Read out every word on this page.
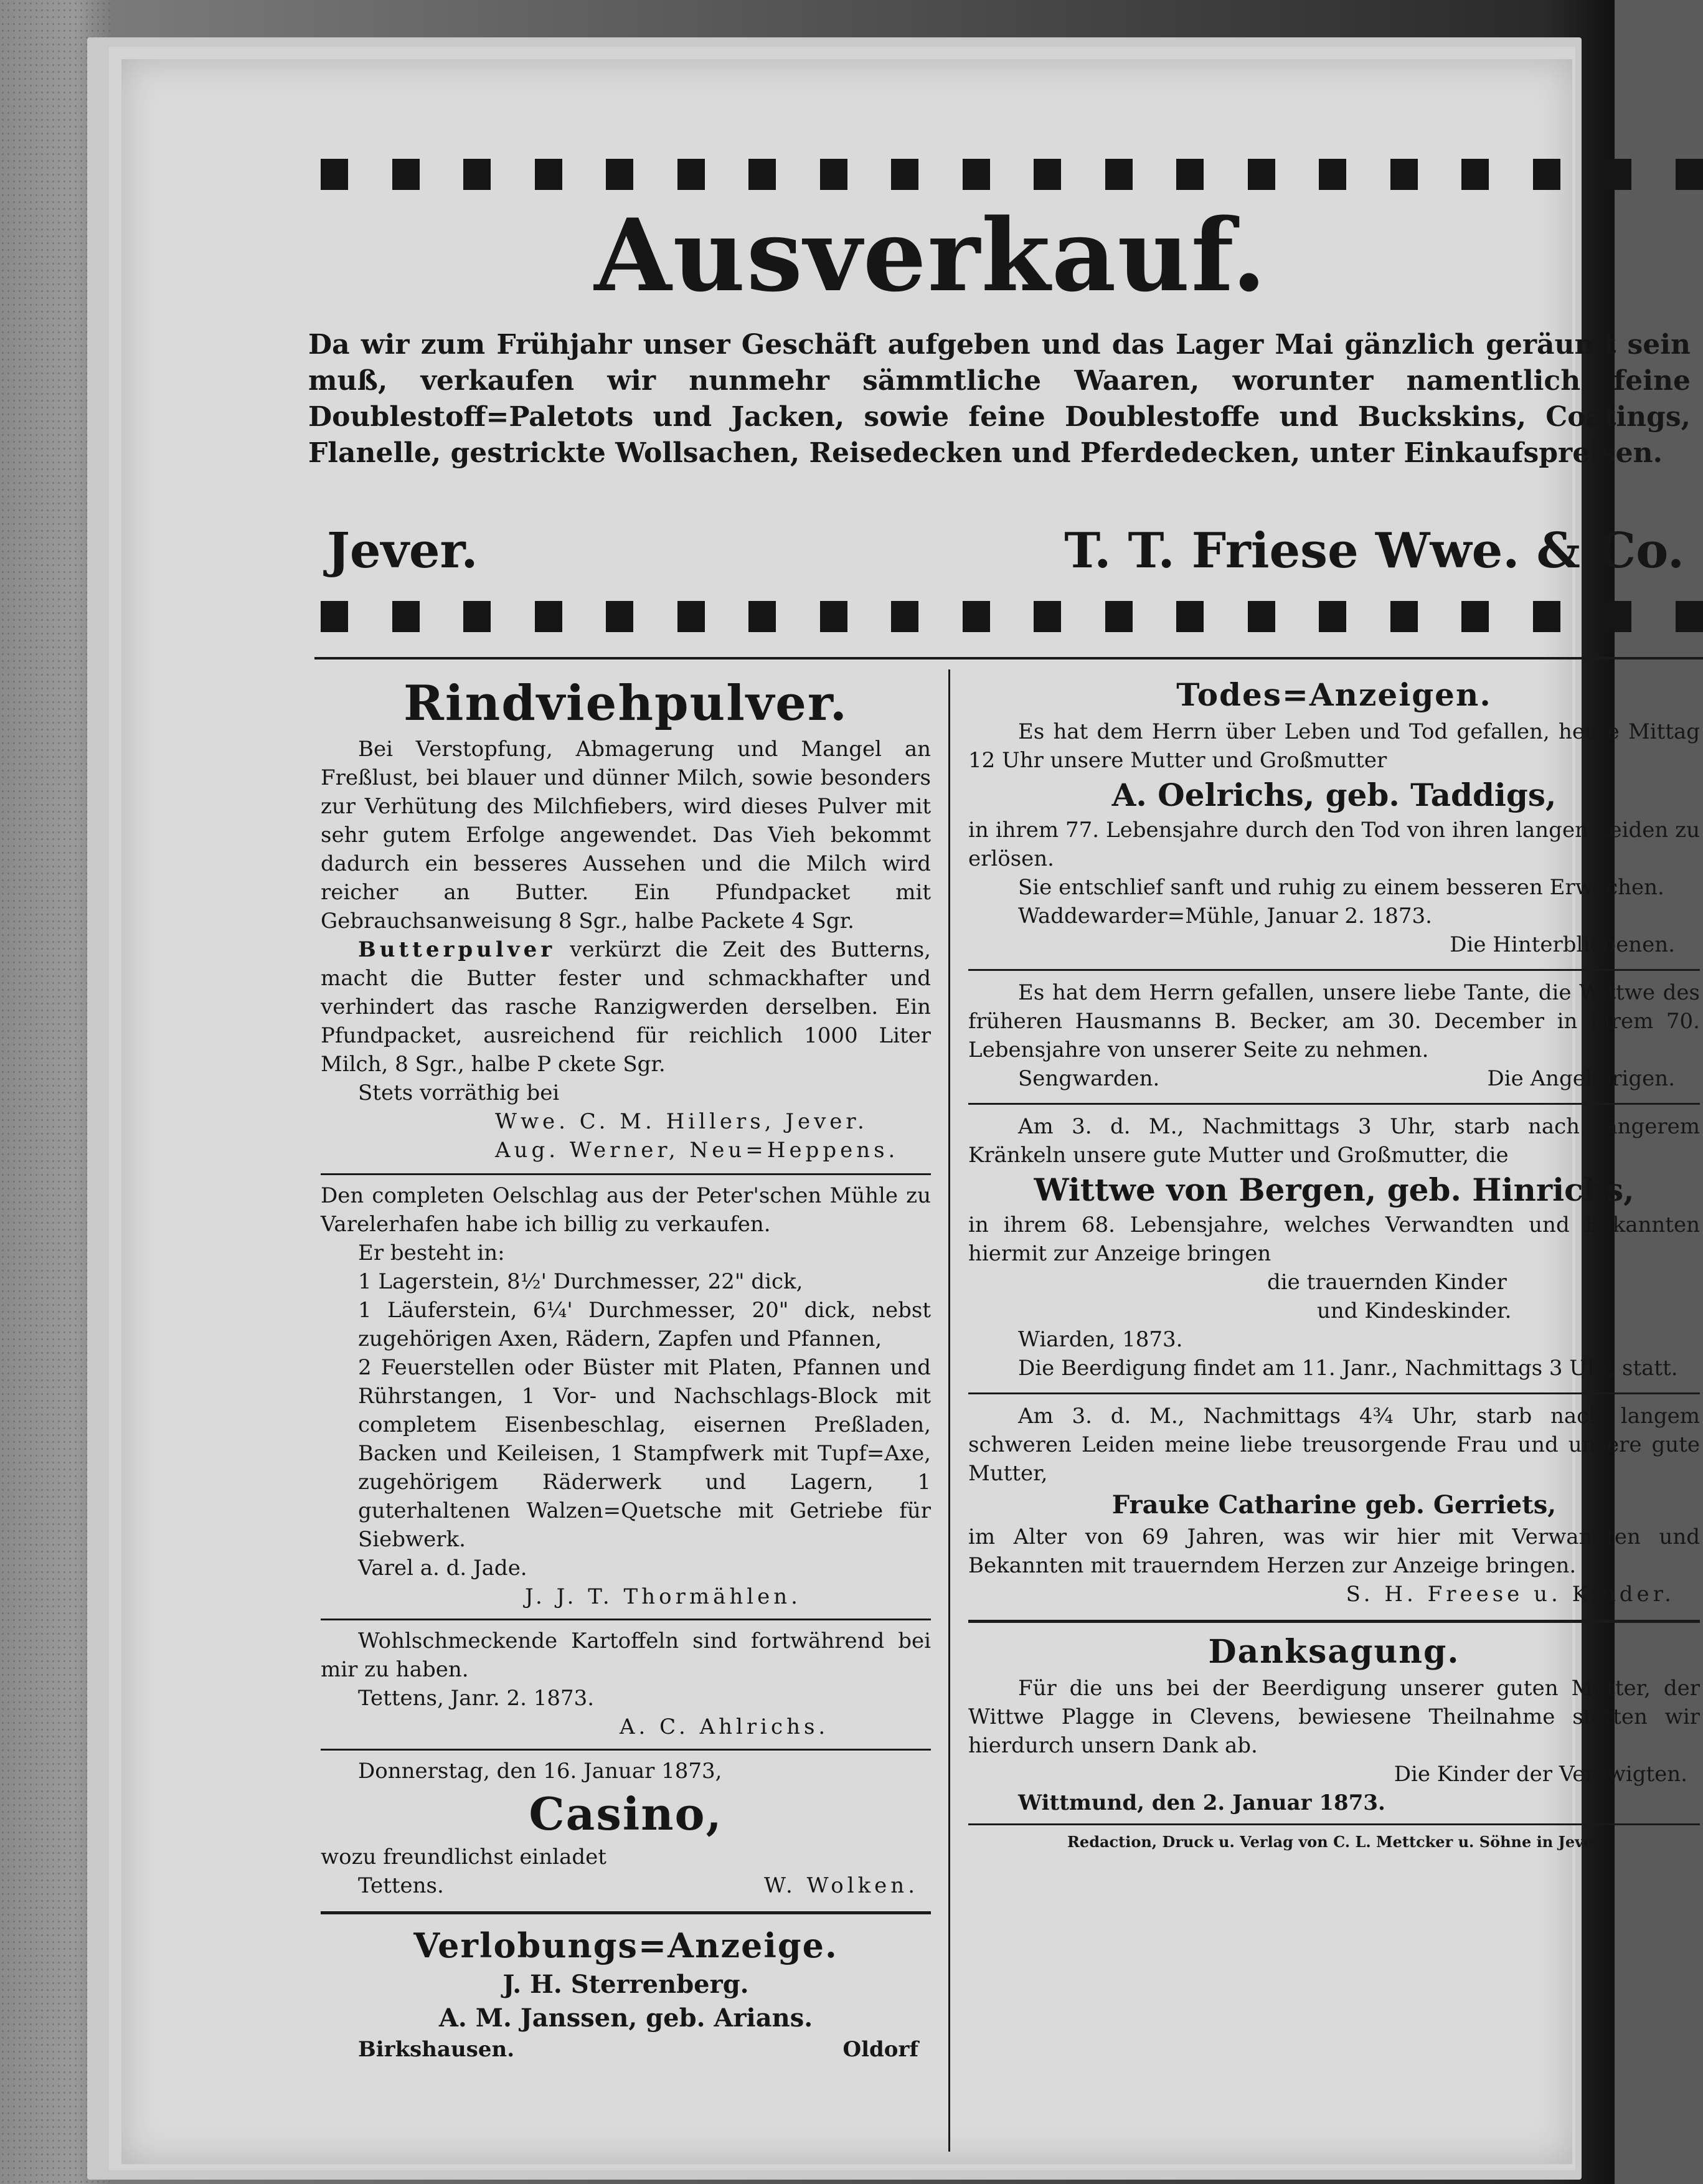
Ausverkauf.
Da wir zum Frühjahr unser Geschäft aufgeben und das Lager Mai gänzlich geräumt sein muß, verkaufen wir nunmehr sämmtliche Waaren, worunter namentlich feine Doublestoff=Paletots und Jacken, sowie feine Doublestoffe und Buckskins, Coatings, Flanelle, gestrickte Wollsachen, Reisedecken und Pferdedecken, unter Einkaufspreisen.
Jever.	T. T. Friese Wwe. & Co.
Rindviehpulver.
Bei Verstopfung, Abmagerung und Mangel an Freßlust, bei blauer und dünner Milch, sowie besonders zur Verhütung des Milchfiebers, wird dieses Pulver mit sehr gutem Erfolge angewendet. Das Vieh bekommt dadurch ein besseres Aussehen und die Milch wird reicher an Butter. Ein Pfundpacket mit Gebrauchsanweisung 8 Sgr., halbe Packete 4 Sgr.
Butterpulver verkürzt die Zeit des Butterns, macht die Butter fester und schmackhafter und verhindert das rasche Ranzigwerden derselben. Ein Pfundpacket, ausreichend für reichlich 1000 Liter Milch, 8 Sgr., halbe P ckete Sgr.
Stets vorräthig bei
Wwe. C. M. Hillers, Jever.
Aug. Werner, Neu=Heppens.
Den completen Oelschlag aus der Peter'schen Mühle zu Varelerhafen habe ich billig zu verkaufen.
Er besteht in:
1 Lagerstein, 8½' Durchmesser, 22" dick,
1 Läuferstein, 6¼' Durchmesser, 20" dick, nebst zugehörigen Axen, Rädern, Zapfen und Pfannen,
2 Feuerstellen oder Büster mit Platen, Pfannen und Rührstangen, 1 Vor- und Nachschlags-Block mit completem Eisenbeschlag, eisernen Preßladen, Backen und Keileisen, 1 Stampfwerk mit Tupf=Axe, zugehörigem Räderwerk und Lagern, 1 guterhaltenen Walzen=Quetsche mit Getriebe für Siebwerk.
Varel a. d. Jade.
J. J. T. Thormählen.
Wohlschmeckende Kartoffeln sind fortwährend bei mir zu haben.
Tettens, Janr. 2. 1873.
A. C. Ahlrichs.
Donnerstag, den 16. Januar 1873,
Casino,
wozu freundlichst einladet
Tettens.	W. Wolken.
Verlobungs=Anzeige.
J. H. Sterrenberg.
A. M. Janssen, geb. Arians.
Birkshausen.	Oldorf
Todes=Anzeigen.
Es hat dem Herrn über Leben und Tod gefallen, heute Mittag 12 Uhr unsere Mutter und Großmutter
A. Oelrichs, geb. Taddigs,
in ihrem 77. Lebensjahre durch den Tod von ihren langen Leiden zu erlösen.
Sie entschlief sanft und ruhig zu einem besseren Erwachen.
Waddewarder=Mühle, Januar 2. 1873.
Die Hinterbliebenen.
Es hat dem Herrn gefallen, unsere liebe Tante, die Wittwe des früheren Hausmanns B. Becker, am 30. December in ihrem 70. Lebensjahre von unserer Seite zu nehmen.
Sengwarden.	Die Angehörigen.
Am 3. d. M., Nachmittags 3 Uhr, starb nach längerem Kränkeln unsere gute Mutter und Großmutter, die
Wittwe von Bergen, geb. Hinrichs,
in ihrem 68. Lebensjahre, welches Verwandten und Bekannten hiermit zur Anzeige bringen
die trauernden Kinder
und Kindeskinder.
Wiarden, 1873.
Die Beerdigung findet am 11. Janr., Nachmittags 3 Uhr, statt.
Am 3. d. M., Nachmittags 4¾ Uhr, starb nach langem schweren Leiden meine liebe treusorgende Frau und unsere gute Mutter,
Frauke Catharine geb. Gerriets,
im Alter von 69 Jahren, was wir hier mit Verwandten und Bekannten mit trauerndem Herzen zur Anzeige bringen.
S. H. Freese u. Kinder.
Danksagung.
Für die uns bei der Beerdigung unserer guten Mutter, der Wittwe Plagge in Clevens, bewiesene Theilnahme statten wir hierdurch unsern Dank ab.
Die Kinder der Verewigten.
Wittmund, den 2. Januar 1873.
Redaction, Druck u. Verlag von C. L. Mettcker u. Söhne in Jever
